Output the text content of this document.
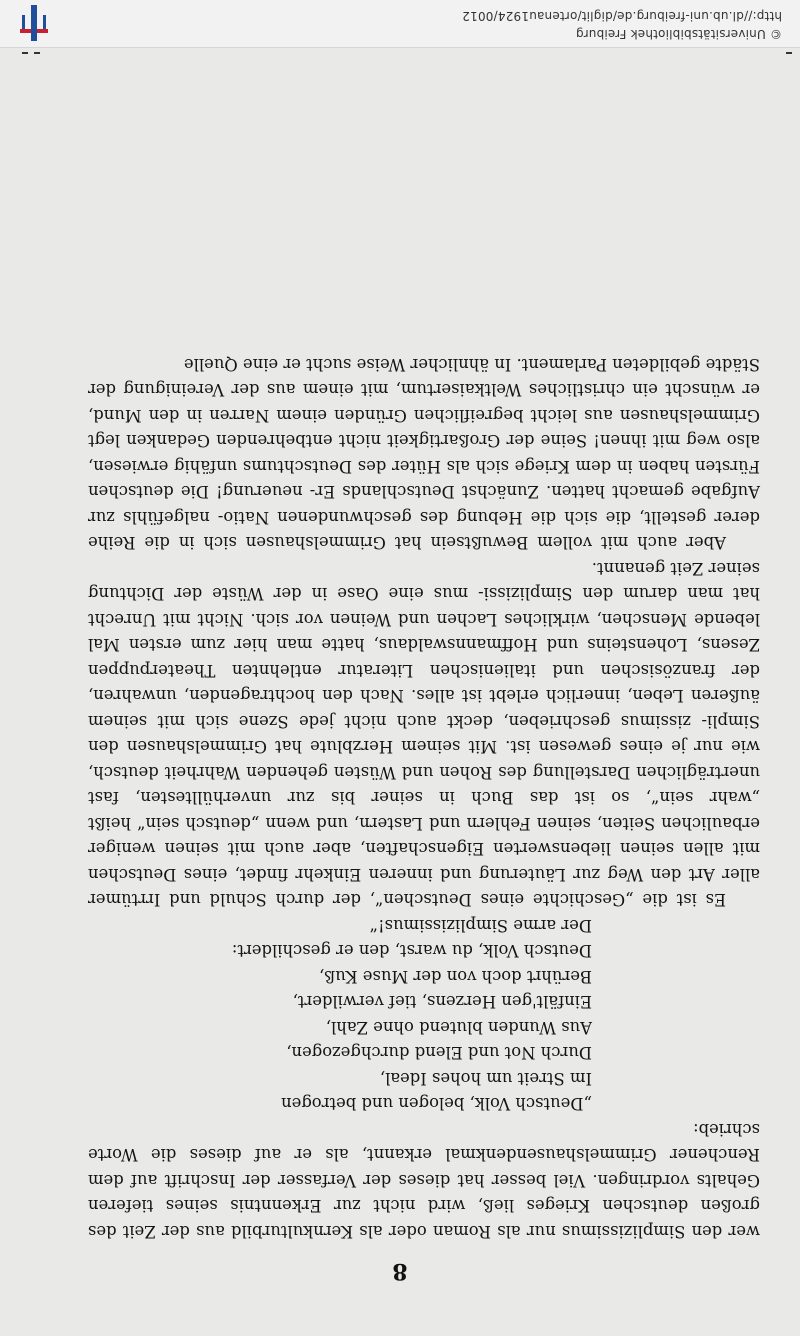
8

wer den Simplizissimus nur als Roman oder als Kernkulturbild aus der Zeit des großen deutschen Krieges ließ, wird nicht zur Erkenntnis seines tieferen Gehalts vordringen. Viel besser hat dieses der Verfasser der Inschrift auf dem Renchener Grimmelshausendenkmal erkannt, als er auf dieses die Worte schrieb:

„Deutsch Volk, belogen und betrogen
Im Streit um hohes Ideal,
Durch Not und Elend durchgezogen,
Aus Wunden blutend ohne Zahl,
Einfält'gen Herzens, tief verwildert,
Berührt doch von der Muse Kuß,
Deutsch Volk, du warst, den er geschildert:
Der arme Simplizissimus!“

Es ist die „Geschichte eines Deutschen“, der durch Schuld und Irrtümer aller Art den Weg zur Läuterung und inneren Einkehr findet, eines Deutschen mit allen seinen liebenswerten Eigenschaften, aber auch mit seinen weniger erbaulichen Seiten, seinen Fehlern und Lastern, und wenn „deutsch sein“ heißt „wahr sein“, so ist das Buch in seiner bis zur unverhülltesten, fast unerträglichen Darstellung des Rohen und Wüsten gehenden Wahrheit deutsch, wie nur je eines gewesen ist. Mit seinem Herzblute hat Grimmelshausen den Simpli- zissimus geschrieben, deckt auch nicht jede Szene sich mit seinem äußeren Leben, innerlich erlebt ist alles. Nach den hochtragenden, unwahren, der französischen und italienischen Literatur entlehnten Theaterpuppen Zesens, Lohensteins und Hoffmannswaldaus, hatte man hier zum ersten Mal lebende Menschen, wirkliches Lachen und Weinen vor sich. Nicht mit Unrecht hat man darum den Simplizissi- mus eine Oase in der Wüste der Dichtung seiner Zeit genannt.

Aber auch mit vollem Bewußtsein hat Grimmelshausen sich in die Reihe derer gestellt, die sich die Hebung des geschwundenen Natio- nalgefühls zur Aufgabe gemacht hatten. Zunächst Deutschlands Er- neuerung! Die deutschen Fürsten haben in dem Kriege sich als Hüter des Deutschtums unfähig erwiesen, also weg mit ihnen! Seine der Großartigkeit nicht entbehrenden Gedanken legt Grimmelshausen aus leicht begreiflichen Gründen einem Narren in den Mund, er wünscht ein christliches Weltkaisertum, mit einem aus der Vereinigung der Städte gebildeten Parlament. In ähnlicher Weise sucht er eine Quelle

© Universitätsbibliothek Freiburg
http://dl.ub.uni-freiburg.de/diglit/ortenau1924/0012
